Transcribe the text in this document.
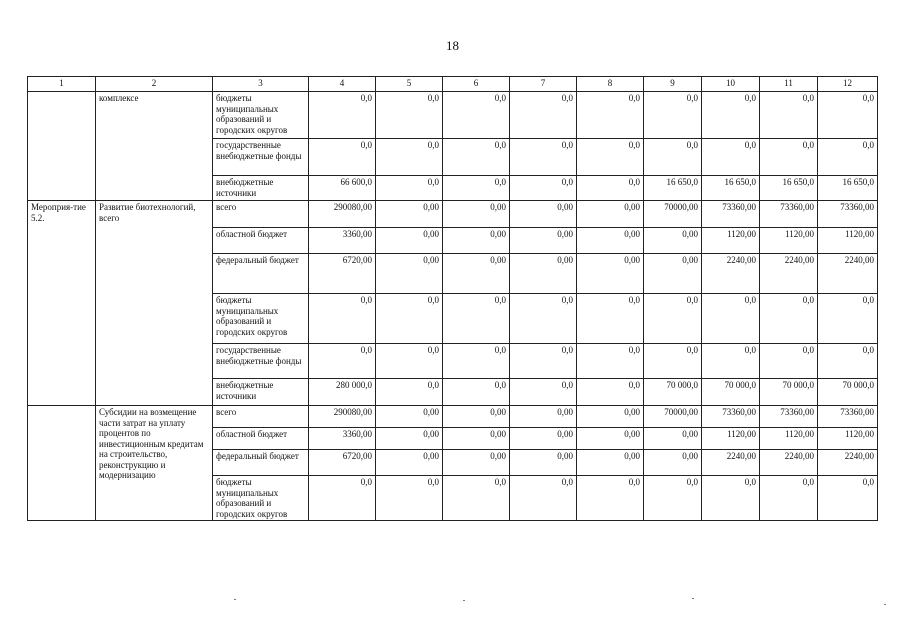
18
1	2	3	4	5	6	7	8	9	10	11	12
	комплексе	бюджеты муниципальных образований и городских округов	0,0	0,0	0,0	0,0	0,0	0,0	0,0	0,0	0,0
		государственные внебюджетные фонды	0,0	0,0	0,0	0,0	0,0	0,0	0,0	0,0	0,0
		внебюджетные источники	66 600,0	0,0	0,0	0,0	0,0	16 650,0	16 650,0	16 650,0	16 650,0
Мероприя-тие 5.2.	Развитие биотехнологий, всего	всего	290080,00	0,00	0,00	0,00	0,00	70000,00	73360,00	73360,00	73360,00
		областной бюджет	3360,00	0,00	0,00	0,00	0,00	0,00	1120,00	1120,00	1120,00
		федеральный бюджет	6720,00	0,00	0,00	0,00	0,00	0,00	2240,00	2240,00	2240,00
		бюджеты муниципальных образований и городских округов	0,0	0,0	0,0	0,0	0,0	0,0	0,0	0,0	0,0
		государственные внебюджетные фонды	0,0	0,0	0,0	0,0	0,0	0,0	0,0	0,0	0,0
		внебюджетные источники	280 000,0	0,0	0,0	0,0	0,0	70 000,0	70 000,0	70 000,0	70 000,0
	Субсидии на возмещение части затрат на уплату процентов по инвестиционным кредитам на строительство, реконструкцию и модернизацию	всего	290080,00	0,00	0,00	0,00	0,00	70000,00	73360,00	73360,00	73360,00
		областной бюджет	3360,00	0,00	0,00	0,00	0,00	0,00	1120,00	1120,00	1120,00
		федеральный бюджет	6720,00	0,00	0,00	0,00	0,00	0,00	2240,00	2240,00	2240,00
		бюджеты муниципальных образований и городских округов	0,0	0,0	0,0	0,0	0,0	0,0	0,0	0,0	0,0
